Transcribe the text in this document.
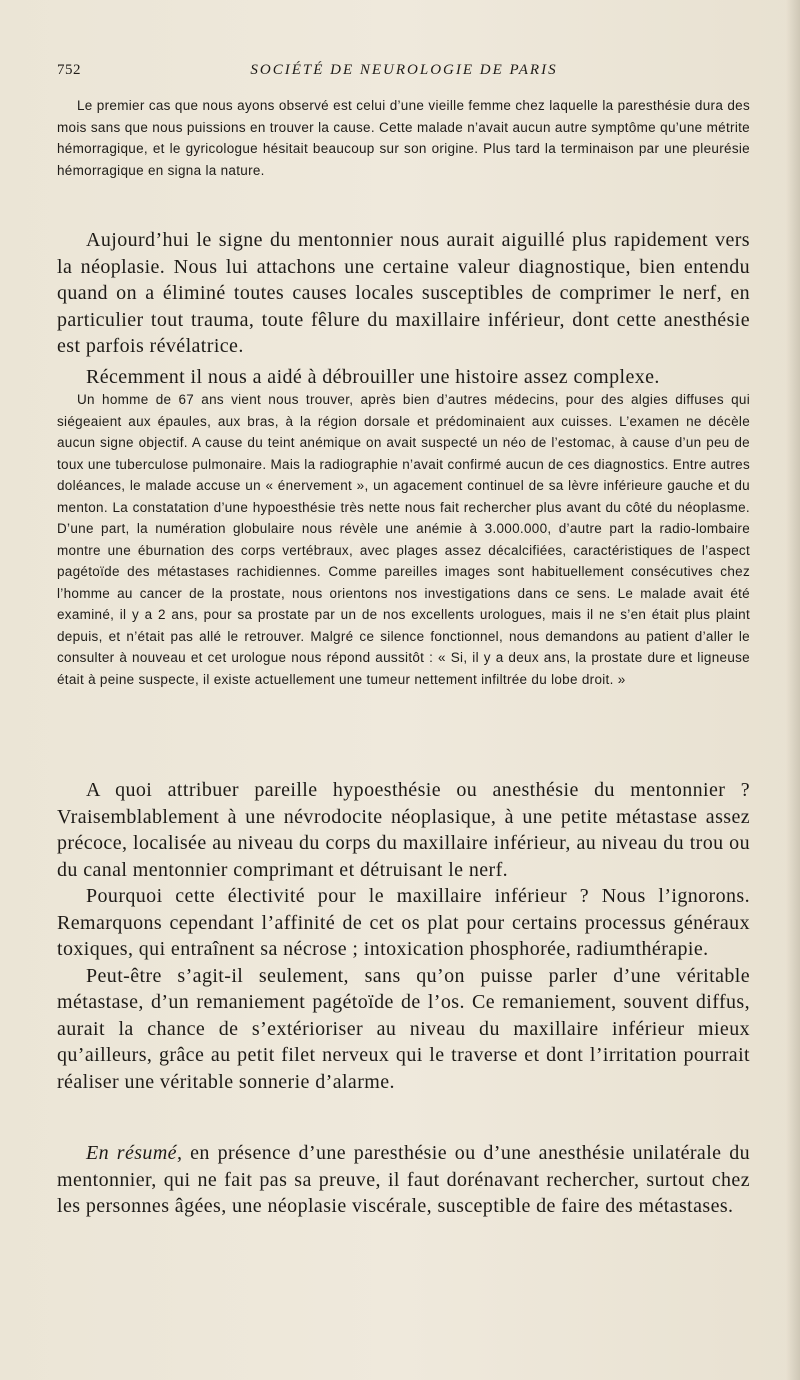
752	SOCIÉTÉ DE NEUROLOGIE DE PARIS

Le premier cas que nous ayons observé est celui d’une vieille femme chez laquelle la paresthésie dura des mois sans que nous puissions en trouver la cause. Cette malade n’avait aucun autre symptôme qu’une métrite hémorragique, et le gyricologue hésitait beaucoup sur son origine. Plus tard la terminaison par une pleurésie hémorragique en signa la nature.

Aujourd’hui le signe du mentonnier nous aurait aiguillé plus rapidement vers la néoplasie. Nous lui attachons une certaine valeur diagnostique, bien entendu quand on a éliminé toutes causes locales susceptibles de comprimer le nerf, en particulier tout trauma, toute fêlure du maxillaire inférieur, dont cette anesthésie est parfois révélatrice.

Récemment il nous a aidé à débrouiller une histoire assez complexe.

Un homme de 67 ans vient nous trouver, après bien d’autres médecins, pour des algies diffuses qui siégeaient aux épaules, aux bras, à la région dorsale et prédominaient aux cuisses. L’examen ne décèle aucun signe objectif. A cause du teint anémique on avait suspecté un néo de l’estomac, à cause d’un peu de toux une tuberculose pulmonaire. Mais la radiographie n’avait confirmé aucun de ces diagnostics. Entre autres doléances, le malade accuse un « énervement », un agacement continuel de sa lèvre inférieure gauche et du menton. La constatation d’une hypoesthésie très nette nous fait rechercher plus avant du côté du néoplasme. D’une part, la numération globulaire nous révèle une anémie à 3.000.000, d’autre part la radio-lombaire montre une éburnation des corps vertébraux, avec plages assez décalcifiées, caractéristiques de l’aspect pagétoïde des métastases rachidiennes. Comme pareilles images sont habituellement consécutives chez l’homme au cancer de la prostate, nous orientons nos investigations dans ce sens. Le malade avait été examiné, il y a 2 ans, pour sa prostate par un de nos excellents urologues, mais il ne s’en était plus plaint depuis, et n’était pas allé le retrouver. Malgré ce silence fonctionnel, nous demandons au patient d’aller le consulter à nouveau et cet urologue nous répond aussitôt : « Si, il y a deux ans, la prostate dure et ligneuse était à peine suspecte, il existe actuellement une tumeur nettement infiltrée du lobe droit. »

A quoi attribuer pareille hypoesthésie ou anesthésie du mentonnier ? Vraisemblablement à une névrodocite néoplasique, à une petite métastase assez précoce, localisée au niveau du corps du maxillaire inférieur, au niveau du trou ou du canal mentonnier comprimant et détruisant le nerf.

Pourquoi cette électivité pour le maxillaire inférieur ? Nous l’ignorons. Remarquons cependant l’affinité de cet os plat pour certains processus généraux toxiques, qui entraînent sa nécrose ; intoxication phosphorée, radiumthérapie.

Peut-être s’agit-il seulement, sans qu’on puisse parler d’une véritable métastase, d’un remaniement pagétoïde de l’os. Ce remaniement, souvent diffus, aurait la chance de s’extérioriser au niveau du maxillaire inférieur mieux qu’ailleurs, grâce au petit filet nerveux qui le traverse et dont l’irritation pourrait réaliser une véritable sonnerie d’alarme.

En résumé, en présence d’une paresthésie ou d’une anesthésie unilatérale du mentonnier, qui ne fait pas sa preuve, il faut dorénavant rechercher, surtout chez les personnes âgées, une néoplasie viscérale, susceptible de faire des métastases.
